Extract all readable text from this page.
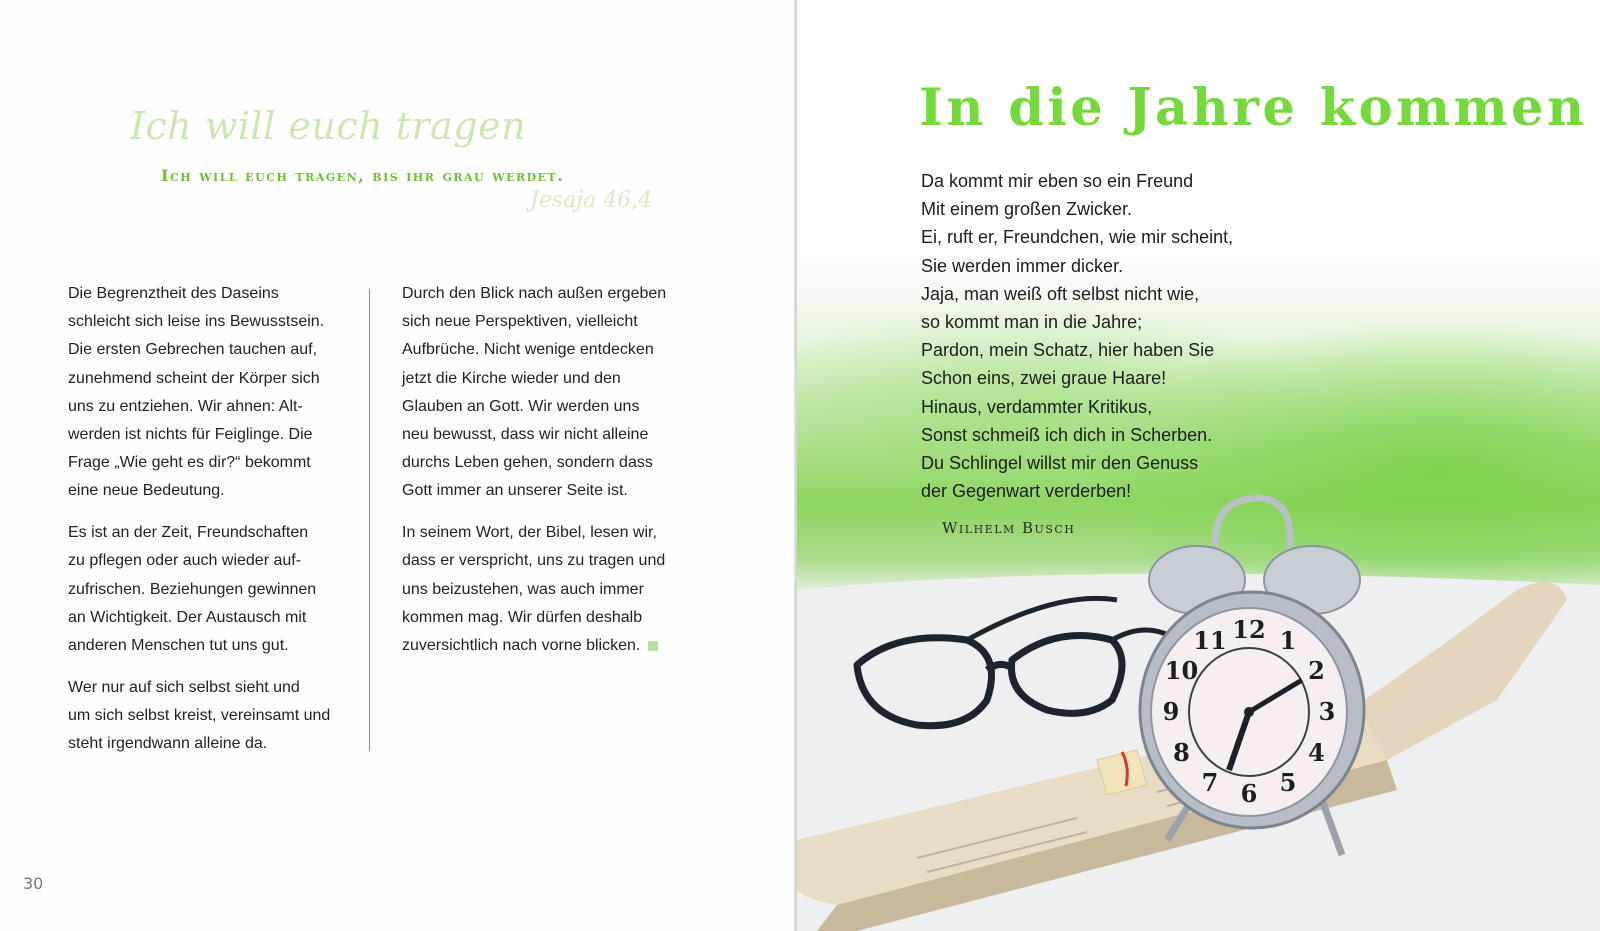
Ich will euch tragen
Ich will euch tragen, bis ihr grau werdet.
Jesaja 46,4

Die Begrenztheit des Daseins
schleicht sich leise ins Bewusstsein.
Die ersten Gebrechen tauchen auf,
zunehmend scheint der Körper sich
uns zu entziehen. Wir ahnen: Alt-
werden ist nichts für Feiglinge. Die
Frage „Wie geht es dir?“ bekommt
eine neue Bedeutung.

Es ist an der Zeit, Freundschaften
zu pflegen oder auch wieder auf-
zufrischen. Beziehungen gewinnen
an Wichtigkeit. Der Austausch mit
anderen Menschen tut uns gut.

Wer nur auf sich selbst sieht und
um sich selbst kreist, vereinsamt und
steht irgendwann alleine da.

Durch den Blick nach außen ergeben
sich neue Perspektiven, vielleicht
Aufbrüche. Nicht wenige entdecken
jetzt die Kirche wieder und den
Glauben an Gott. Wir werden uns
neu bewusst, dass wir nicht alleine
durchs Leben gehen, sondern dass
Gott immer an unserer Seite ist.

In seinem Wort, der Bibel, lesen wir,
dass er verspricht, uns zu tragen und
uns beizustehen, was auch immer
kommen mag. Wir dürfen deshalb
zuversichtlich nach vorne blicken.

30
12 1
2
3
4
5
6
7
8
9
10
11
In die Jahre kommen
Da kommt mir eben so ein Freund
Mit einem großen Zwicker.
Ei, ruft er, Freundchen, wie mir scheint,
Sie werden immer dicker.
Jaja, man weiß oft selbst nicht wie,
so kommt man in die Jahre;
Pardon, mein Schatz, hier haben Sie
Schon eins, zwei graue Haare!
Hinaus, verdammter Kritikus,
Sonst schmeiß ich dich in Scherben.
Du Schlingel willst mir den Genuss
der Gegenwart verderben!
Wilhelm Busch
